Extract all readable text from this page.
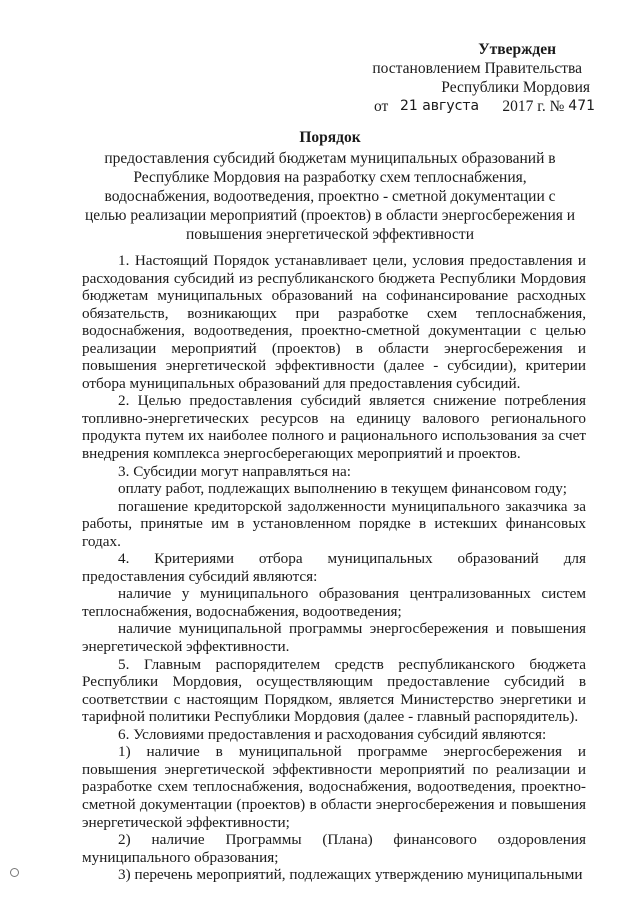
Утвержден
постановлением Правительства
Республики Мордовия
от
21 августа
2017 г. №
471
Порядок
предоставления субсидий бюджетам муниципальных образований в Республике Мордовия на разработку схем теплоснабжения, водоснабжения, водоотведения, проектно - сметной документации с целью реализации мероприятий (проектов) в области энергосбережения и повышения энергетической эффективности

1. Настоящий Порядок устанавливает цели, условия предоставления и расходования субсидий из республиканского бюджета Республики Мордовия бюджетам муниципальных образований на софинансирование расходных обязательств, возникающих при разработке схем теплоснабжения, водоснабжения, водоотведения, проектно-сметной документации с целью реализации мероприятий (проектов) в области энергосбережения и повышения энергетической эффективности (далее - субсидии), критерии отбора муниципальных образований для предоставления субсидий.

2. Целью предоставления субсидий является снижение потребления топливно-энергетических ресурсов на единицу валового регионального продукта путем их наиболее полного и рационального использования за счет внедрения комплекса энергосберегающих мероприятий и проектов.

3. Субсидии могут направляться на:

оплату работ, подлежащих выполнению в текущем финансовом году;

погашение кредиторской задолженности муниципального заказчика за работы, принятые им в установленном порядке в истекших финансовых годах.

4. Критериями отбора муниципальных образований для предоставления субсидий являются:

наличие у муниципального образования централизованных систем теплоснабжения, водоснабжения, водоотведения;

наличие муниципальной программы энергосбережения и повышения энергетической эффективности.

5. Главным распорядителем средств республиканского бюджета Республики Мордовия, осуществляющим предоставление субсидий в соответствии с настоящим Порядком, является Министерство энергетики и тарифной политики Республики Мордовия (далее - главный распорядитель).

6. Условиями предоставления и расходования субсидий являются:

1) наличие в муниципальной программе энергосбережения и повышения энергетической эффективности мероприятий по реализации и разработке схем теплоснабжения, водоснабжения, водоотведения, проектно-сметной документации (проектов) в области энергосбережения и повышения энергетической эффективности;

2) наличие Программы (Плана) финансового оздоровления муниципального образования;

3) перечень мероприятий, подлежащих утверждению муниципальными
